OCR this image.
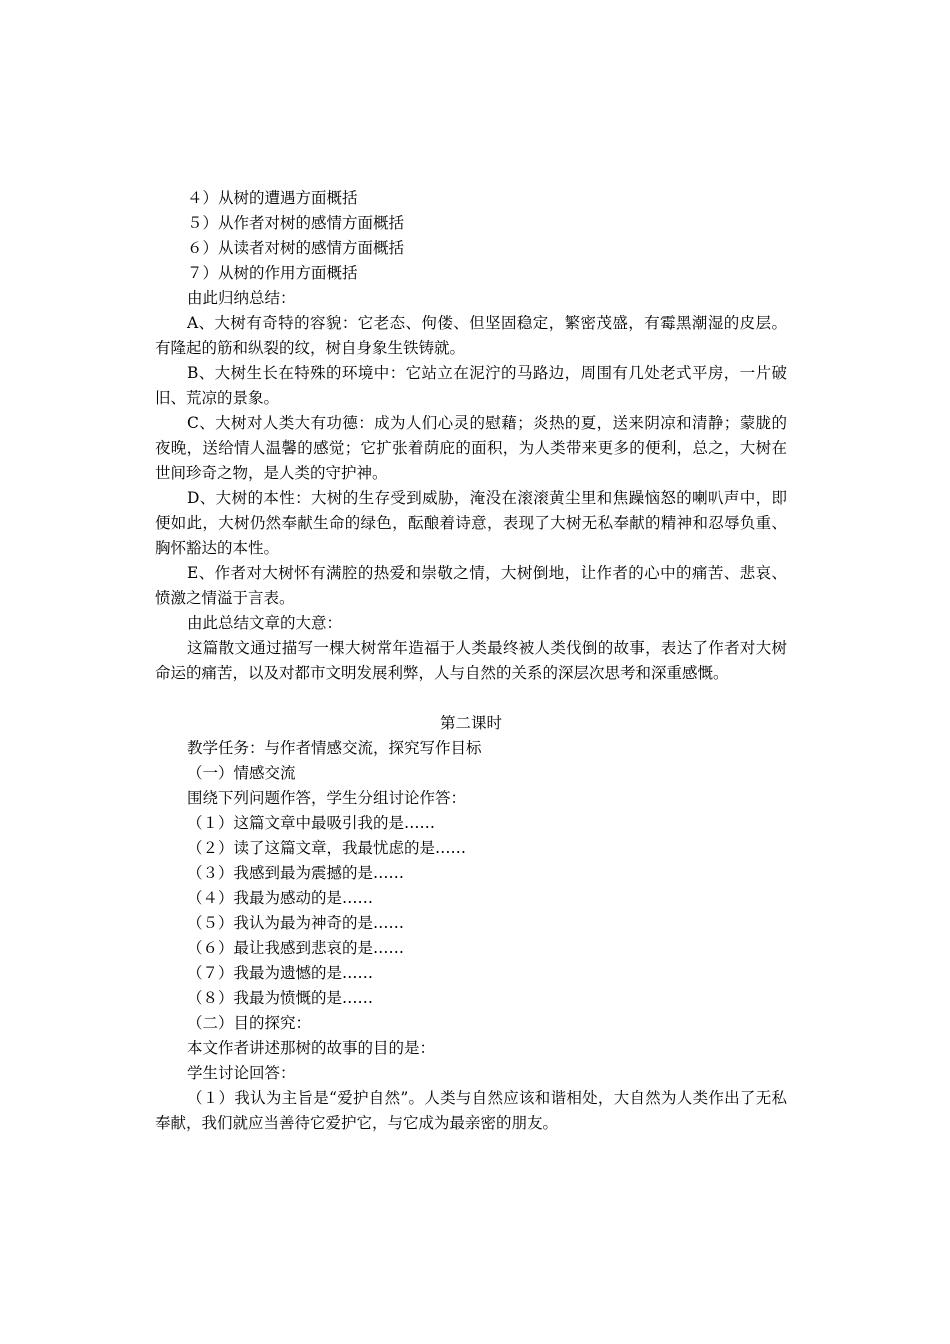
４）从树的遭遇方面概括

５）从作者对树的感情方面概括

６）从读者对树的感情方面概括

７）从树的作用方面概括

由此归纳总结：

A、大树有奇特的容貌：它老态、佝偻、但坚固稳定，繁密茂盛，有霉黑潮湿的皮层。有隆起的筋和纵裂的纹，树自身象生铁铸就。

B、大树生长在特殊的环境中：它站立在泥泞的马路边，周围有几处老式平房，一片破旧、荒凉的景象。

C、大树对人类大有功德：成为人们心灵的慰藉；炎热的夏，送来阴凉和清静；蒙胧的夜晚，送给情人温馨的感觉；它扩张着荫庇的面积，为人类带来更多的便利，总之，大树在世间珍奇之物，是人类的守护神。

D、大树的本性：大树的生存受到威胁，淹没在滚滚黄尘里和焦躁恼怒的喇叭声中，即便如此，大树仍然奉献生命的绿色，酝酿着诗意，表现了大树无私奉献的精神和忍辱负重、胸怀豁达的本性。

E、作者对大树怀有满腔的热爱和崇敬之情，大树倒地，让作者的心中的痛苦、悲哀、愤激之情溢于言表。

由此总结文章的大意：

这篇散文通过描写一棵大树常年造福于人类最终被人类伐倒的故事，表达了作者对大树命运的痛苦，以及对都市文明发展利弊，人与自然的关系的深层次思考和深重感慨。

第二课时

教学任务：与作者情感交流，探究写作目标

（一）情感交流

围绕下列问题作答，学生分组讨论作答：

（１）这篇文章中最吸引我的是……

（２）读了这篇文章，我最忧虑的是……

（３）我感到最为震撼的是……

（４）我最为感动的是……

（５）我认为最为神奇的是……

（６）最让我感到悲哀的是……

（７）我最为遗憾的是……

（８）我最为愤慨的是……

（二）目的探究：

本文作者讲述那树的故事的目的是：

学生讨论回答：

（１）我认为主旨是“爱护自然”。人类与自然应该和谐相处，大自然为人类作出了无私奉献，我们就应当善待它爱护它，与它成为最亲密的朋友。
